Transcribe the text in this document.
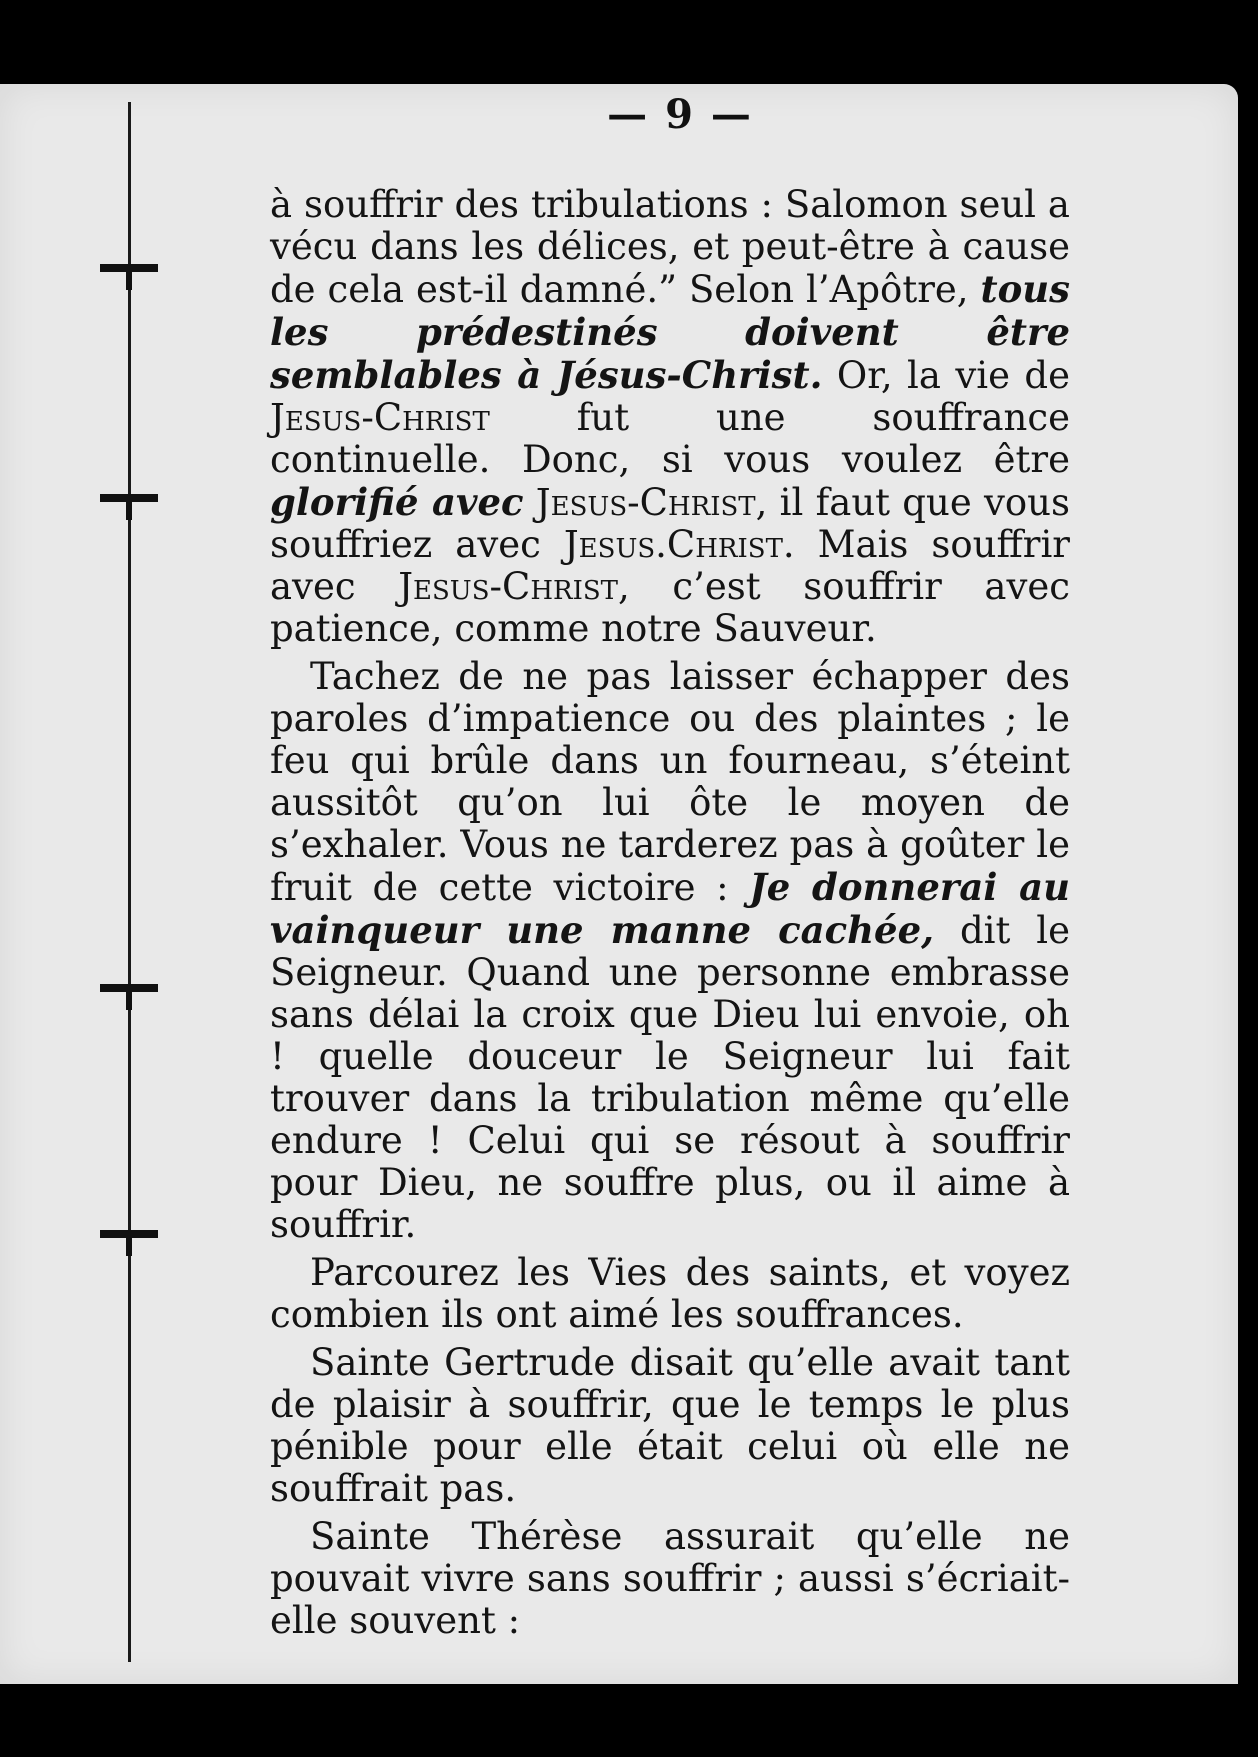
— 9 —

à souffrir des tribulations : Salomon seul a vécu dans les délices, et peut-être à cause de cela est-il damné.” Selon l’Apôtre, tous les prédestinés doivent être semblables à Jésus-Christ. Or, la vie de Jesus-Christ fut une souffrance continuelle. Donc, si vous voulez être glorifié avec Jesus-Christ, il faut que vous souffriez avec Jesus.Christ. Mais souffrir avec Jesus-Christ, c’est souffrir avec patience, comme notre Sauveur.

Tachez de ne pas laisser échapper des paroles d’impatience ou des plaintes ; le feu qui brûle dans un fourneau, s’éteint aussitôt qu’on lui ôte le moyen de s’exhaler. Vous ne tarderez pas à goûter le fruit de cette victoire : Je donnerai au vainqueur une manne cachée, dit le Seigneur. Quand une personne embrasse sans délai la croix que Dieu lui envoie, oh ! quelle douceur le Seigneur lui fait trouver dans la tribulation même qu’elle endure ! Celui qui se résout à souffrir pour Dieu, ne souffre plus, ou il aime à souffrir.

Parcourez les Vies des saints, et voyez combien ils ont aimé les souffrances.

Sainte Gertrude disait qu’elle avait tant de plaisir à souffrir, que le temps le plus pénible pour elle était celui où elle ne souffrait pas.

Sainte Thérèse assurait qu’elle ne pouvait vivre sans souffrir ; aussi s’écriait-elle souvent :
